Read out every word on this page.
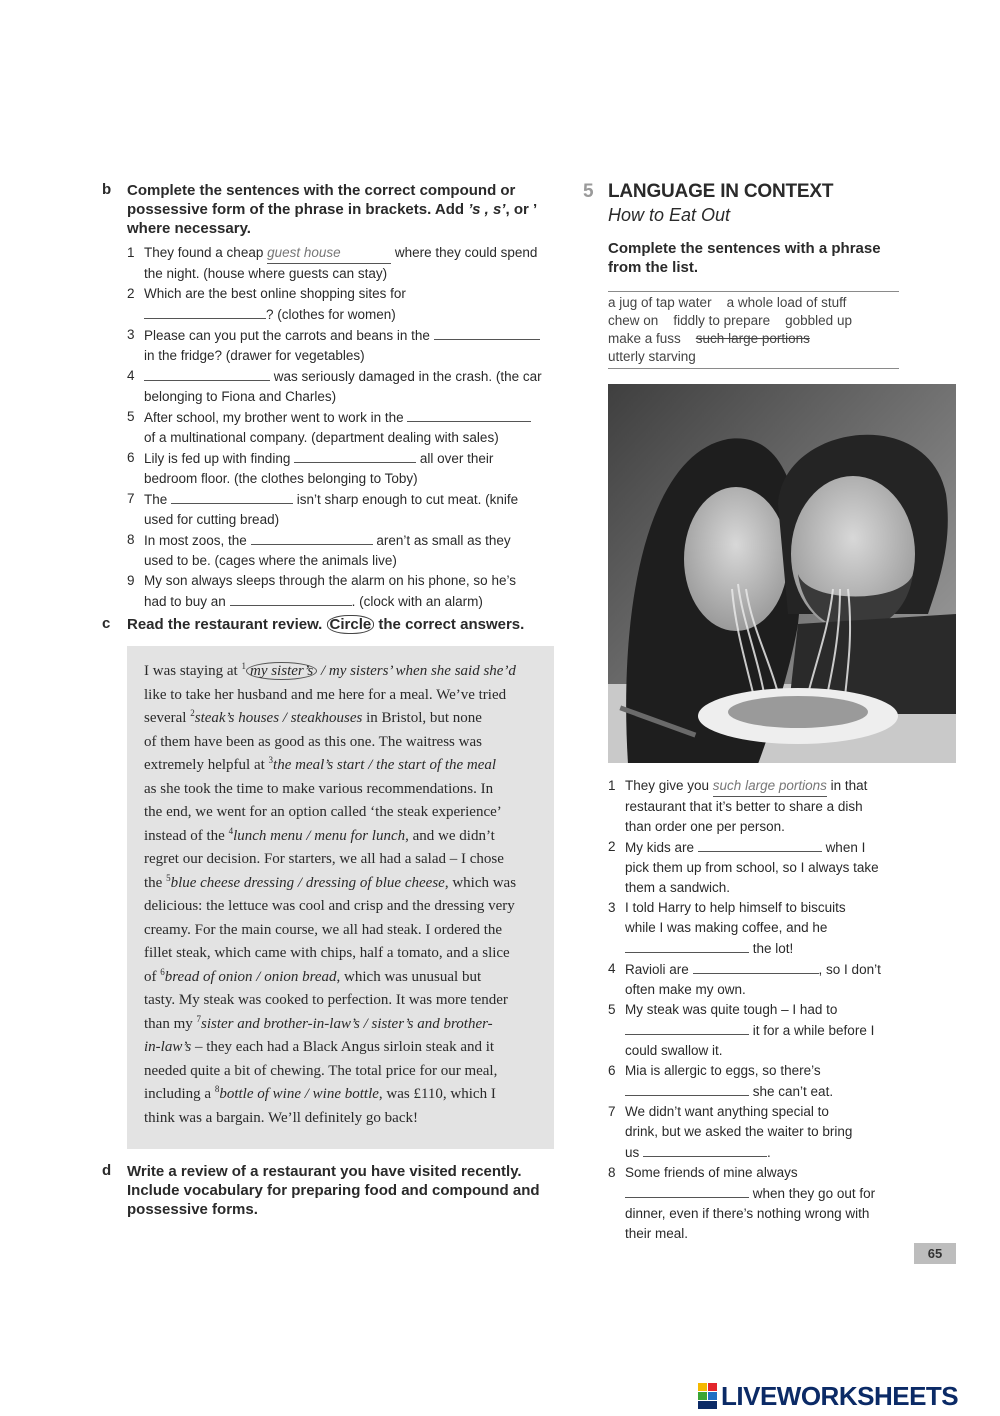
b Complete the sentences with the correct compound or
possessive form of the phrase in brackets. Add ’s , s’, or ’
where necessary.
1 They found a cheap guest house	where they could spend
the night. (house where guests can stay)
2 Which are the best online shopping sites for
? (clothes for women)
3 Please can you put the carrots and beans in the
in the fridge? (drawer for vegetables)
4	was seriously damaged in the crash. (the car
belonging to Fiona and Charles)
5 After school, my brother went to work in the
of a multinational company. (department dealing with sales)
6 Lily is fed up with finding	all over their
bedroom floor. (the clothes belonging to Toby)
7 The	isn’t sharp enough to cut meat. (knife
used for cutting bread)
8 In most zoos, the	aren’t as small as they
used to be. (cages where the animals live)
9 My son always sleeps through the alarm on his phone, so he’s
had to buy an	. (clock with an alarm)
c Read the restaurant review. Circle the correct answers.
I was staying at $^1$ my sister’s / my sisters’ when she said she’d
like to take her husband and me here for a meal. We’ve tried
several $^2$steak’s houses / steakhouses in Bristol, but none
of them have been as good as this one. The waitress was
extremely helpful at $^3$the meal’s start / the start of the meal
as she took the time to make various recommendations. In
the end, we went for an option called ‘the steak experience’
instead of the $^4$lunch menu / menu for lunch, and we didn’t
regret our decision. For starters, we all had a salad – I chose
the $^5$blue cheese dressing / dressing of blue cheese, which was
delicious: the lettuce was cool and crisp and the dressing very
creamy. For the main course, we all had steak. I ordered the
fillet steak, which came with chips, half a tomato, and a slice
of $^6$bread of onion / onion bread, which was unusual but
tasty. My steak was cooked to perfection. It was more tender
than my $^7$sister and brother-in-law’s / sister’s and brother-
in-law’s – they each had a Black Angus sirloin steak and it
needed quite a bit of chewing. The total price for our meal,
including a $^8$bottle of wine / wine bottle, was £110, which I
think was a bargain. We’ll definitely go back!
d Write a review of a restaurant you have visited recently.
Include vocabulary for preparing food and compound and
possessive forms.
5 LANGUAGE IN CONTEXT
How to Eat Out
Complete the sentences with a phrase
from the list.
a jug of tap water a whole load of stuff
chew on fiddly to prepare gobbled up
make a fuss such large portions
utterly starving
1 They give you such large portions in that
restaurant that it’s better to share a dish
than order one per person.
2 My kids are	when I
pick them up from school, so I always take
them a sandwich.
3 I told Harry to help himself to biscuits
while I was making coffee, and he
the lot!
4 Ravioli are	, so I don’t
often make my own.
5 My steak was quite tough – I had to
it for a while before I
could swallow it.
6 Mia is allergic to eggs, so there’s
she can’t eat.
7 We didn’t want anything special to
drink, but we asked the waiter to bring
us	.
8 Some friends of mine always
when they go out for
dinner, even if there’s nothing wrong with
their meal.
65
LIVEWORKSHEETS
